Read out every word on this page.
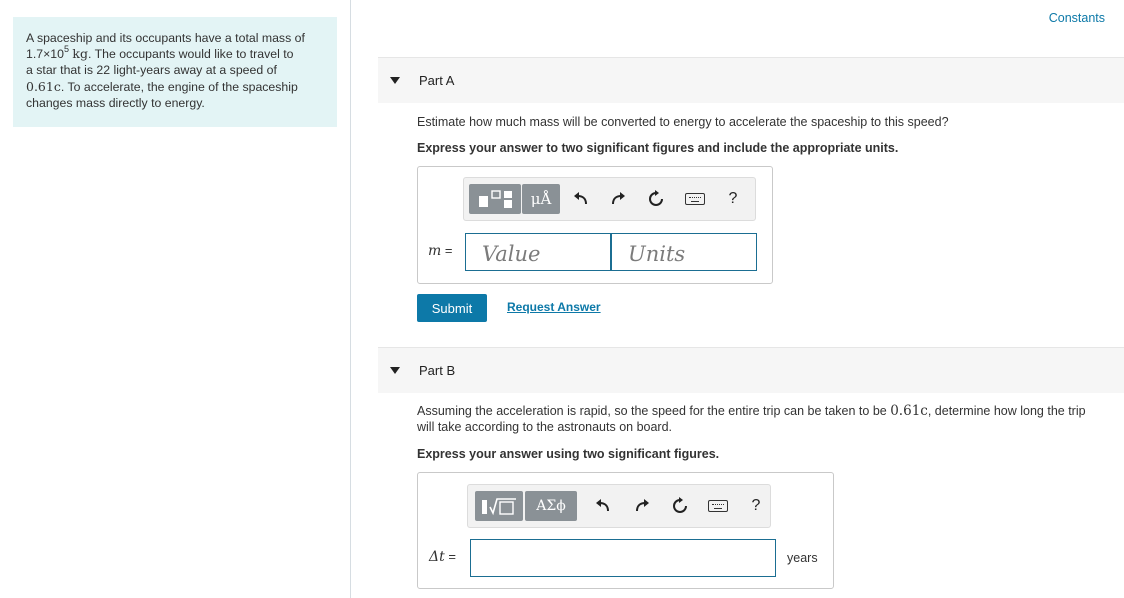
A spaceship and its occupants have a total mass of
$1.7\times 10^5$ kg. The occupants would like to travel to
a star that is 22 light-years away at a speed of
0.61c. To accelerate, the engine of the spaceship
changes mass directly to energy.
Constants
Part A
Estimate how much mass will be converted to energy to accelerate the spaceship to this speed?
Express your answer to two significant figures and include the appropriate units.
μÅ	?
m =
Value
Units
Submit	Request Answer
Part B
Assuming the acceleration is rapid, so the speed for the entire trip can be taken to be 0.61c, determine how long the trip
will take according to the astronauts on board.
Express your answer using two significant figures.
ΑΣϕ	?
Δt =	years
